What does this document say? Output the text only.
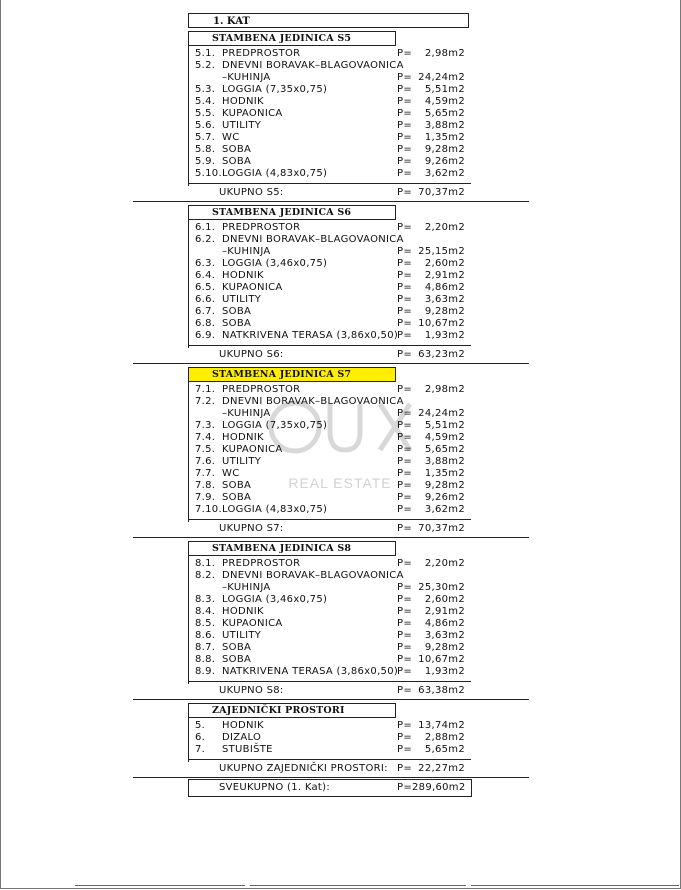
1. KAT
REAL ESTATE
STAMBENA JEDINICA S5
5.1. PREDPROSTOR	P= 2,98m2
5.2. DNEVNI BORAVAK–BLAGOVAONICA
–KUHINJA	P= 24,24m2
5.3. LOGGIA (7,35x0,75)	P= 5,51m2
5.4. HODNIK	P= 4,59m2
5.5. KUPAONICA	P= 5,65m2
5.6. UTILITY	P= 3,88m2
5.7. WC	P= 1,35m2
5.8. SOBA	P= 9,28m2
5.9. SOBA	P= 9,26m2
5.10. LOGGIA (4,83x0,75)	P= 3,62m2
UKUPNO S5:	P= 70,37m2
STAMBENA JEDINICA S6
6.1. PREDPROSTOR	P= 2,20m2
6.2. DNEVNI BORAVAK–BLAGOVAONICA
–KUHINJA	P= 25,15m2
6.3. LOGGIA (3,46x0,75)	P= 2,60m2
6.4. HODNIK	P= 2,91m2
6.5. KUPAONICA	P= 4,86m2
6.6. UTILITY	P= 3,63m2
6.7. SOBA	P= 9,28m2
6.8. SOBA	P= 10,67m2
6.9. NATKRIVENA TERASA (3,86x0,50)
P= 1,93m2
UKUPNO S6:	P= 63,23m2
STAMBENA JEDINICA S7
7.1. PREDPROSTOR	P= 2,98m2
7.2. DNEVNI BORAVAK–BLAGOVAONICA
–KUHINJA	P= 24,24m2
7.3. LOGGIA (7,35x0,75)	P= 5,51m2
7.4. HODNIK	P= 4,59m2
7.5. KUPAONICA	P= 5,65m2
7.6. UTILITY	P= 3,88m2
7.7. WC	P= 1,35m2
7.8. SOBA	P= 9,28m2
7.9. SOBA	P= 9,26m2
7.10. LOGGIA (4,83x0,75)	P= 3,62m2
UKUPNO S7:	P= 70,37m2
STAMBENA JEDINICA S8
8.1. PREDPROSTOR	P= 2,20m2
8.2. DNEVNI BORAVAK–BLAGOVAONICA
–KUHINJA	P= 25,30m2
8.3. LOGGIA (3,46x0,75)	P= 2,60m2
8.4. HODNIK	P= 2,91m2
8.5. KUPAONICA	P= 4,86m2
8.6. UTILITY	P= 3,63m2
8.7. SOBA	P= 9,28m2
8.8. SOBA	P= 10,67m2
8.9. NATKRIVENA TERASA (3,86x0,50)
P= 1,93m2
UKUPNO S8:	P= 63,38m2
ZAJEDNIČKI PROSTORI
5. HODNIK	P= 13,74m2
6. DIZALO	P= 2,88m2
7. STUBIŠTE	P= 5,65m2
UKUPNO ZAJEDNIČKI PROSTORI: P= 22,27m2
SVEUKUPNO (1. Kat):	P=289,60m2
